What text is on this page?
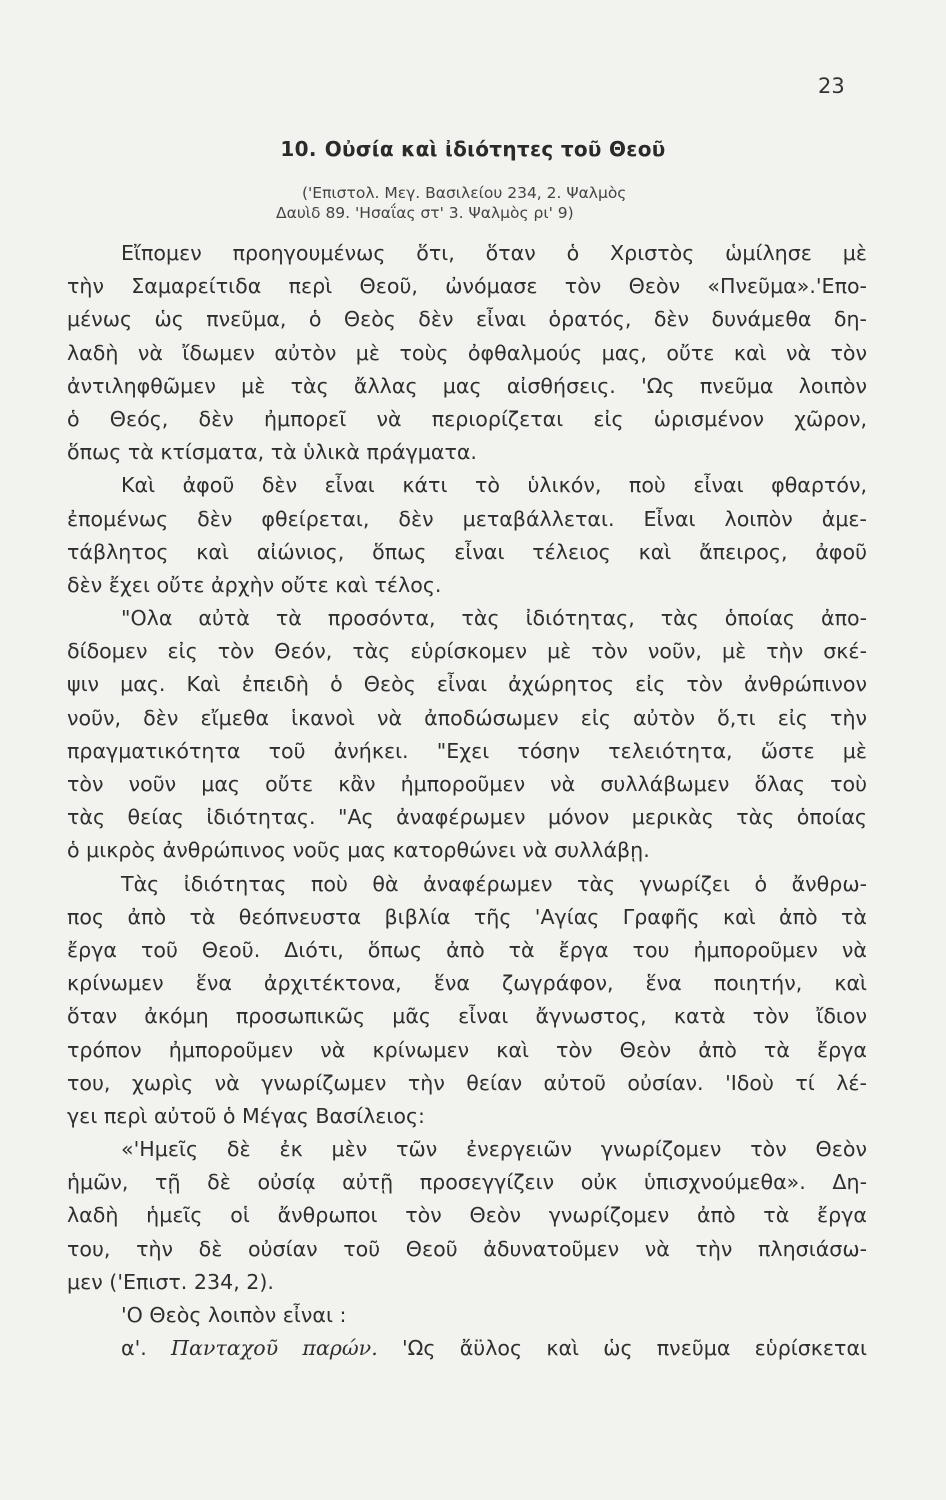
23
10. Οὐσία καὶ ἰδιότητες τοῦ Θεοῦ
('Επιστολ. Μεγ. Βασιλείου 234, 2. Ψαλμὸς
Δαυὶδ 89. 'Ησαΐας στ' 3. Ψαλμὸς ρι' 9)
Εἴπομεν προηγουμένως ὅτι, ὅταν ὁ Χριστὸς ὡμίλησε μὲ
τὴν Σαμαρείτιδα περὶ Θεοῦ, ὠνόμασε τὸν Θεὸν «Πνεῦμα».'Επο-
μένως ὡς πνεῦμα, ὁ Θεὸς δὲν εἶναι ὁρατός, δὲν δυνάμεθα δη-
λαδὴ νὰ ἴδωμεν αὐτὸν μὲ τοὺς ὀφθαλμούς μας, οὔτε καὶ νὰ τὸν
ἀντιληφθῶμεν μὲ τὰς ἄλλας μας αἰσθήσεις. 'Ως πνεῦμα λοιπὸν
ὁ Θεός, δὲν ἠμπορεῖ νὰ περιορίζεται εἰς ὡρισμένον χῶρον,
ὅπως τὰ κτίσματα, τὰ ὑλικὰ πράγματα.
Καὶ ἀφοῦ δὲν εἶναι κάτι τὸ ὑλικόν, ποὺ εἶναι φθαρτόν,
ἐπομένως δὲν φθείρεται, δὲν μεταβάλλεται. Εἶναι λοιπὸν ἀμε-
τάβλητος καὶ αἰώνιος, ὅπως εἶναι τέλειος καὶ ἄπειρος, ἀφοῦ
δὲν ἔχει οὔτε ἀρχὴν οὔτε καὶ τέλος.
"Ολα αὐτὰ τὰ προσόντα, τὰς ἰδιότητας, τὰς ὁποίας ἀπο-
δίδομεν εἰς τὸν Θεόν, τὰς εὑρίσκομεν μὲ τὸν νοῦν, μὲ τὴν σκέ-
ψιν μας. Καὶ ἐπειδὴ ὁ Θεὸς εἶναι ἀχώρητος εἰς τὸν ἀνθρώπινον
νοῦν, δὲν εἴμεθα ἱκανοὶ νὰ ἀποδώσωμεν εἰς αὐτὸν ὅ,τι εἰς τὴν
πραγματικότητα τοῦ ἀνήκει. "Εχει τόσην τελειότητα, ὥστε μὲ
τὸν νοῦν μας οὔτε κἂν ἠμποροῦμεν νὰ συλλάβωμεν ὅλας τοὺ
τὰς θείας ἰδιότητας. "Ας ἀναφέρωμεν μόνον μερικὰς τὰς ὁποίας
ὁ μικρὸς ἀνθρώπινος νοῦς μας κατορθώνει νὰ συλλάβῃ.
Τὰς ἰδιότητας ποὺ θὰ ἀναφέρωμεν τὰς γνωρίζει ὁ ἄνθρω-
πος ἀπὸ τὰ θεόπνευστα βιβλία τῆς 'Αγίας Γραφῆς καὶ ἀπὸ τὰ
ἔργα τοῦ Θεοῦ. Διότι, ὅπως ἀπὸ τὰ ἔργα του ἠμποροῦμεν νὰ
κρίνωμεν ἕνα ἀρχιτέκτονα, ἕνα ζωγράφον, ἕνα ποιητήν, καὶ
ὅταν ἀκόμη προσωπικῶς μᾶς εἶναι ἄγνωστος, κατὰ τὸν ἴδιον
τρόπον ἠμποροῦμεν νὰ κρίνωμεν καὶ τὸν Θεὸν ἀπὸ τὰ ἔργα
του, χωρὶς νὰ γνωρίζωμεν τὴν θείαν αὐτοῦ οὐσίαν. 'Ιδοὺ τί λέ-
γει περὶ αὐτοῦ ὁ Μέγας Βασίλειος:
«'Ημεῖς δὲ ἐκ μὲν τῶν ἐνεργειῶν γνωρίζομεν τὸν Θεὸν
ἡμῶν, τῇ δὲ οὐσίᾳ αὐτῇ προσεγγίζειν οὐκ ὑπισχνούμεθα». Δη-
λαδὴ ἡμεῖς οἱ ἄνθρωποι τὸν Θεὸν γνωρίζομεν ἀπὸ τὰ ἔργα
του, τὴν δὲ οὐσίαν τοῦ Θεοῦ ἀδυνατοῦμεν νὰ τὴν πλησιάσω-
μεν ('Επιστ. 234, 2).
'Ο Θεὸς λοιπὸν εἶναι :
α'. Πανταχοῦ παρών. 'Ως ἄϋλος καὶ ὡς πνεῦμα εὑρίσκεται
